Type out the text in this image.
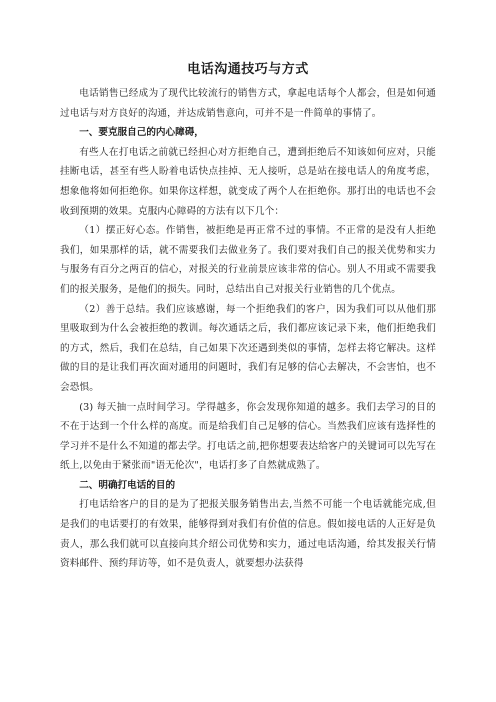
电话沟通技巧与方式

电话销售已经成为了现代比较流行的销售方式，拿起电话每个人都会，但是如何通过电话与对方良好的沟通，并达成销售意向，可并不是一件简单的事情了。

一、要克服自己的内心障碍，

有些人在打电话之前就已经担心对方拒绝自己，遭到拒绝后不知该如何应对，只能挂断电话，甚至有些人盼着电话快点挂掉、无人接听，总是站在接电话人的角度考虑，想象他将如何拒绝你。如果你这样想，就变成了两个人在拒绝你。那打出的电话也不会收到预期的效果。克服内心障碍的方法有以下几个：

（1）摆正好心态。作销售，被拒绝是再正常不过的事情。不正常的是没有人拒绝我们，如果那样的话，就不需要我们去做业务了。我们要对我们自己的报关优势和实力与服务有百分之两百的信心，对报关的行业前景应该非常的信心。别人不用或不需要我们的报关服务，是他们的损失。同时，总结出自己对报关行业销售的几个优点。

（2）善于总结。我们应该感谢，每一个拒绝我们的客户，因为我们可以从他们那里吸取到为什么会被拒绝的教训。每次通话之后，我们都应该记录下来，他们拒绝我们的方式，然后，我们在总结，自己如果下次还遇到类似的事情，怎样去将它解决。这样做的目的是让我们再次面对通用的问题时，我们有足够的信心去解决，不会害怕，也不会恐惧。

(3) 每天抽一点时间学习。学得越多，你会发现你知道的越多。我们去学习的目的不在于达到一个什么样的高度。而是给我们自己足够的信心。当然我们应该有选择性的学习并不是什么不知道的都去学。打电话之前,把你想要表达给客户的关键词可以先写在纸上,以免由于紧张而"语无伦次"，电话打多了自然就成熟了。

二、明确打电话的目的

打电话给客户的目的是为了把报关服务销售出去,当然不可能一个电话就能完成,但是我们的电话要打的有效果，能够得到对我们有价值的信息。假如接电话的人正好是负责人，那么我们就可以直接向其介绍公司优势和实力，通过电话沟通，给其发报关行情资料邮件、预约拜访等，如不是负责人，就要想办法获得
